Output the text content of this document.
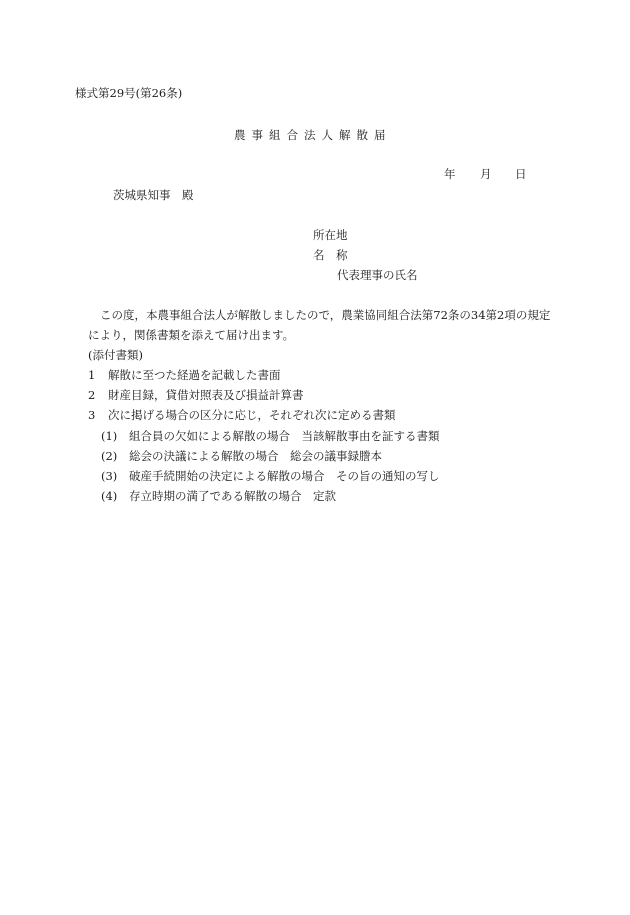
様式第29号(第26条)
農事組合法人解散届
年 月 日
茨城県知事　殿
所在地
名　称
代表理事の氏名
この度，本農事組合法人が解散しましたので，農業協同組合法第72条の34第2項の規定
により，関係書類を添えて届け出ます。
(添付書類)
1 解散に至つた経過を記載した書面
2 財産目録，貸借対照表及び損益計算書
3 次に掲げる場合の区分に応じ，それぞれ次に定める書類
(1) 組合員の欠如による解散の場合　当該解散事由を証する書類
(2) 総会の決議による解散の場合　総会の議事録謄本
(3) 破産手続開始の決定による解散の場合　その旨の通知の写し
(4) 存立時期の満了である解散の場合　定款
